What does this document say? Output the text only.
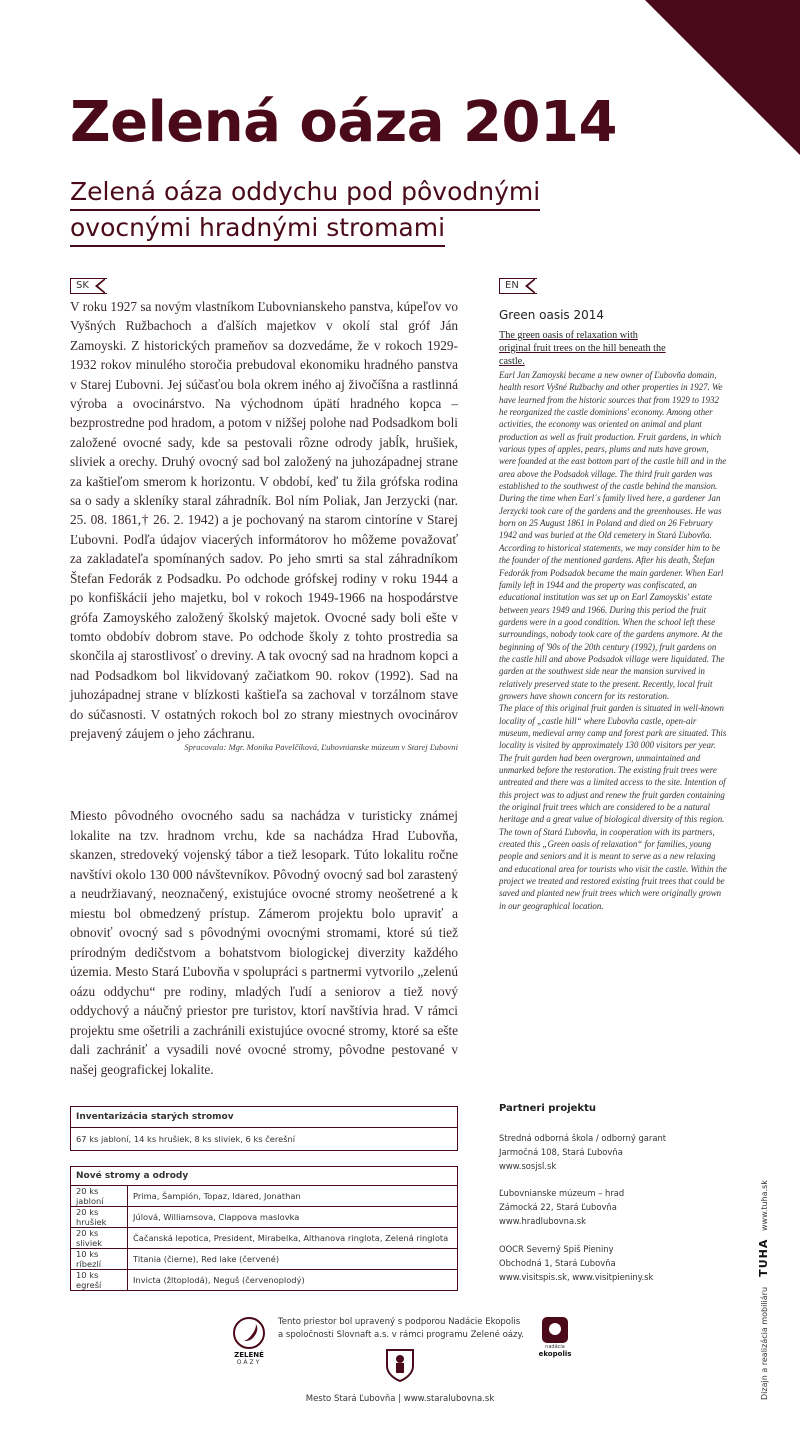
Zelená oáza 2014
Zelená oáza oddychu pod pôvodnými
ovocnými hradnými stromami
SK

V roku 1927 sa novým vlastníkom Ľubovnianskeho panstva, kúpeľov vo Vyšných Ružbachoch a ďalších majetkov v okolí stal gróf Ján Zamoyski. Z historických prameňov sa dozvedáme, že v rokoch 1929-1932 rokov minulého storočia prebudoval ekonomiku hradného panstva v Starej Ľubovni. Jej súčasťou bola okrem iného aj živočíšna a rastlinná výroba a ovocinárstvo. Na východnom úpätí hradného kopca – bezprostredne pod hradom, a potom v nižšej polohe nad Podsadkom boli založené ovocné sady, kde sa pestovali rôzne odrody jabĺk, hrušiek, sliviek a orechy. Druhý ovocný sad bol založený na juhozápadnej strane za kaštieľom smerom k horizontu. V období, keď tu žila grófska rodina sa o sady a skleníky staral záhradník. Bol ním Poliak, Jan Jerzycki (nar. 25. 08. 1861,† 26. 2. 1942) a je pochovaný na starom cintoríne v Starej Ľubovni. Podľa údajov viacerých informátorov ho môžeme považovať za zakladateľa spomínaných sadov. Po jeho smrti sa stal záhradníkom Štefan Fedorák z Podsadku. Po odchode grófskej rodiny v roku 1944 a po konfiškácii jeho majetku, bol v rokoch 1949-1966 na hospodárstve grófa Zamoyského založený školský majetok. Ovocné sady boli ešte v tomto obdobív dobrom stave. Po odchode školy z tohto prostredia sa skončila aj starostlivosť o dreviny. A tak ovocný sad na hradnom kopci a nad Podsadkom bol likvidovaný začiatkom 90. rokov (1992). Sad na juhozápadnej strane v blízkosti kaštieľa sa zachoval v torzálnom stave do súčasnosti. V ostatných rokoch bol zo strany miestnych ovocinárov prejavený záujem o jeho záchranu.

Spracovala: Mgr. Monika Pavelčíková, Ľubovnianske múzeum v Starej Ľubovni

Miesto pôvodného ovocného sadu sa nachádza v turisticky známej lokalite na tzv. hradnom vrchu, kde sa nachádza Hrad Ľubovňa, skanzen, stredoveký vojenský tábor a tiež lesopark. Túto lokalitu ročne navštívi okolo 130 000 návštevníkov. Pôvodný ovocný sad bol zarastený a neudržiavaný, neoznačený, existujúce ovocné stromy neošetrené a k miestu bol obmedzený prístup. Zámerom projektu bolo upraviť a obnoviť ovocný sad s pôvodnými ovocnými stromami, ktoré sú tiež prírodným dedičstvom a bohatstvom biologickej diverzity každého územia. Mesto Stará Ľubovňa v spolupráci s partnermi vytvorilo „zelenú oázu oddychu“ pre rodiny, mladých ľudí a seniorov a tiež nový oddychový a náučný priestor pre turistov, ktorí navštívia hrad. V rámci projektu sme ošetrili a zachránili existujúce ovocné stromy, ktoré sa ešte dali zachrániť a vysadili nové ovocné stromy, pôvodne pestované v našej geografickej lokalite.

EN
Green oasis 2014
The green oasis of relaxation with original fruit trees on the hill beneath the castle.

Earl Jan Zamoyski became a new owner of Ľubovňa domain, health resort Vyšné Ružbachy and other properties in 1927. We have learned from the historic sources that from 1929 to 1932 he reorganized the castle dominions' economy. Among other activities, the economy was oriented on animal and plant production as well as fruit production. Fruit gardens, in which various types of apples, pears, plums and nuts have grown, were founded at the east bottom part of the castle hill and in the area above the Podsadok village. The third fruit garden was established to the southwest of the castle behind the mansion. During the time when Earl´s family lived here, a gardener Jan Jerzycki took care of the gardens and the greenhouses. He was born on 25 August 1861 in Poland and died on 26 February 1942 and was buried at the Old cemetery in Stará Ľubovňa. According to historical statements, we may consider him to be the founder of the mentioned gardens. After his death, Štefan Fedorák from Podsadok became the main gardener. When Earl family left in 1944 and the property was confiscated, an educational institution was set up on Earl Zamoyskis' estate between years 1949 and 1966. During this period the fruit gardens were in a good condition. When the school left these surroundings, nobody took care of the gardens anymore. At the beginning of '90s of the 20th century (1992), fruit gardens on the castle hill and above Podsadok village were liquidated. The garden at the southwest side near the mansion survived in relatively preserved state to the present. Recently, local fruit growers have shown concern for its restoration.
The place of this original fruit garden is situated in well-known locality of „castle hill“ where Ľubovňa castle, open-air museum, medieval army camp and forest park are situated. This locality is visited by approximately 130 000 visitors per year. The fruit garden had been overgrown, unmaintained and unmarked before the restoration. The existing fruit trees were untreated and there was a limited access to the site. Intention of this project was to adjust and renew the fruit garden containing the original fruit trees which are considered to be a natural heritage and a great value of biological diversity of this region. The town of Stará Ľubovňa, in cooperation with its partners, created this „Green oasis of relaxation“ for families, young people and seniors and it is meant to serve as a new relaxing and educational area for tourists who visit the castle. Within the project we treated and restored existing fruit trees that could be saved and planted new fruit trees which were originally grown in our geographical location.

Inventarizácia starých stromov
67 ks jabloní, 14 ks hrušiek, 8 ks sliviek, 6 ks čerešní
Nové stromy a odrody	
20 ks jabloní	Prima, Šampión, Topaz, Idared, Jonathan
20 ks hrušiek	Júlová, Williamsova, Clappova maslovka
20 ks sliviek	Čačanská lepotica, President, Mirabelka, Althanova ringlota, Zelená ringlota
10 ks ríbezlí	Titania (čierne), Red lake (červené)
10 ks egreší	Invicta (žltoplodá), Neguš (červenoplodý)
Partneri projektu
Stredná odborná škola / odborný garant
Jarmočná 108, Stará Ľubovňa
www.sosjsl.sk
Ľubovnianske múzeum – hrad
Zámocká 22, Stará Ľubovňa
www.hradlubovna.sk
OOCR Severný Spiš Pieniny
Obchodná 1, Stará Ľubovňa
www.visitspis.sk, www.visitpieniny.sk
Dizajn a realizácia mobiliáru    TUHA   www.tuha.sk
ZELENÉ
OÁZY
Tento priestor bol upravený s podporou Nadácie Ekopolis a spoločnosti Slovnaft a.s. v rámci programu Zelené oázy.
nadácia
ekopolis
Mesto Stará Ľubovňa | www.staralubovna.sk
